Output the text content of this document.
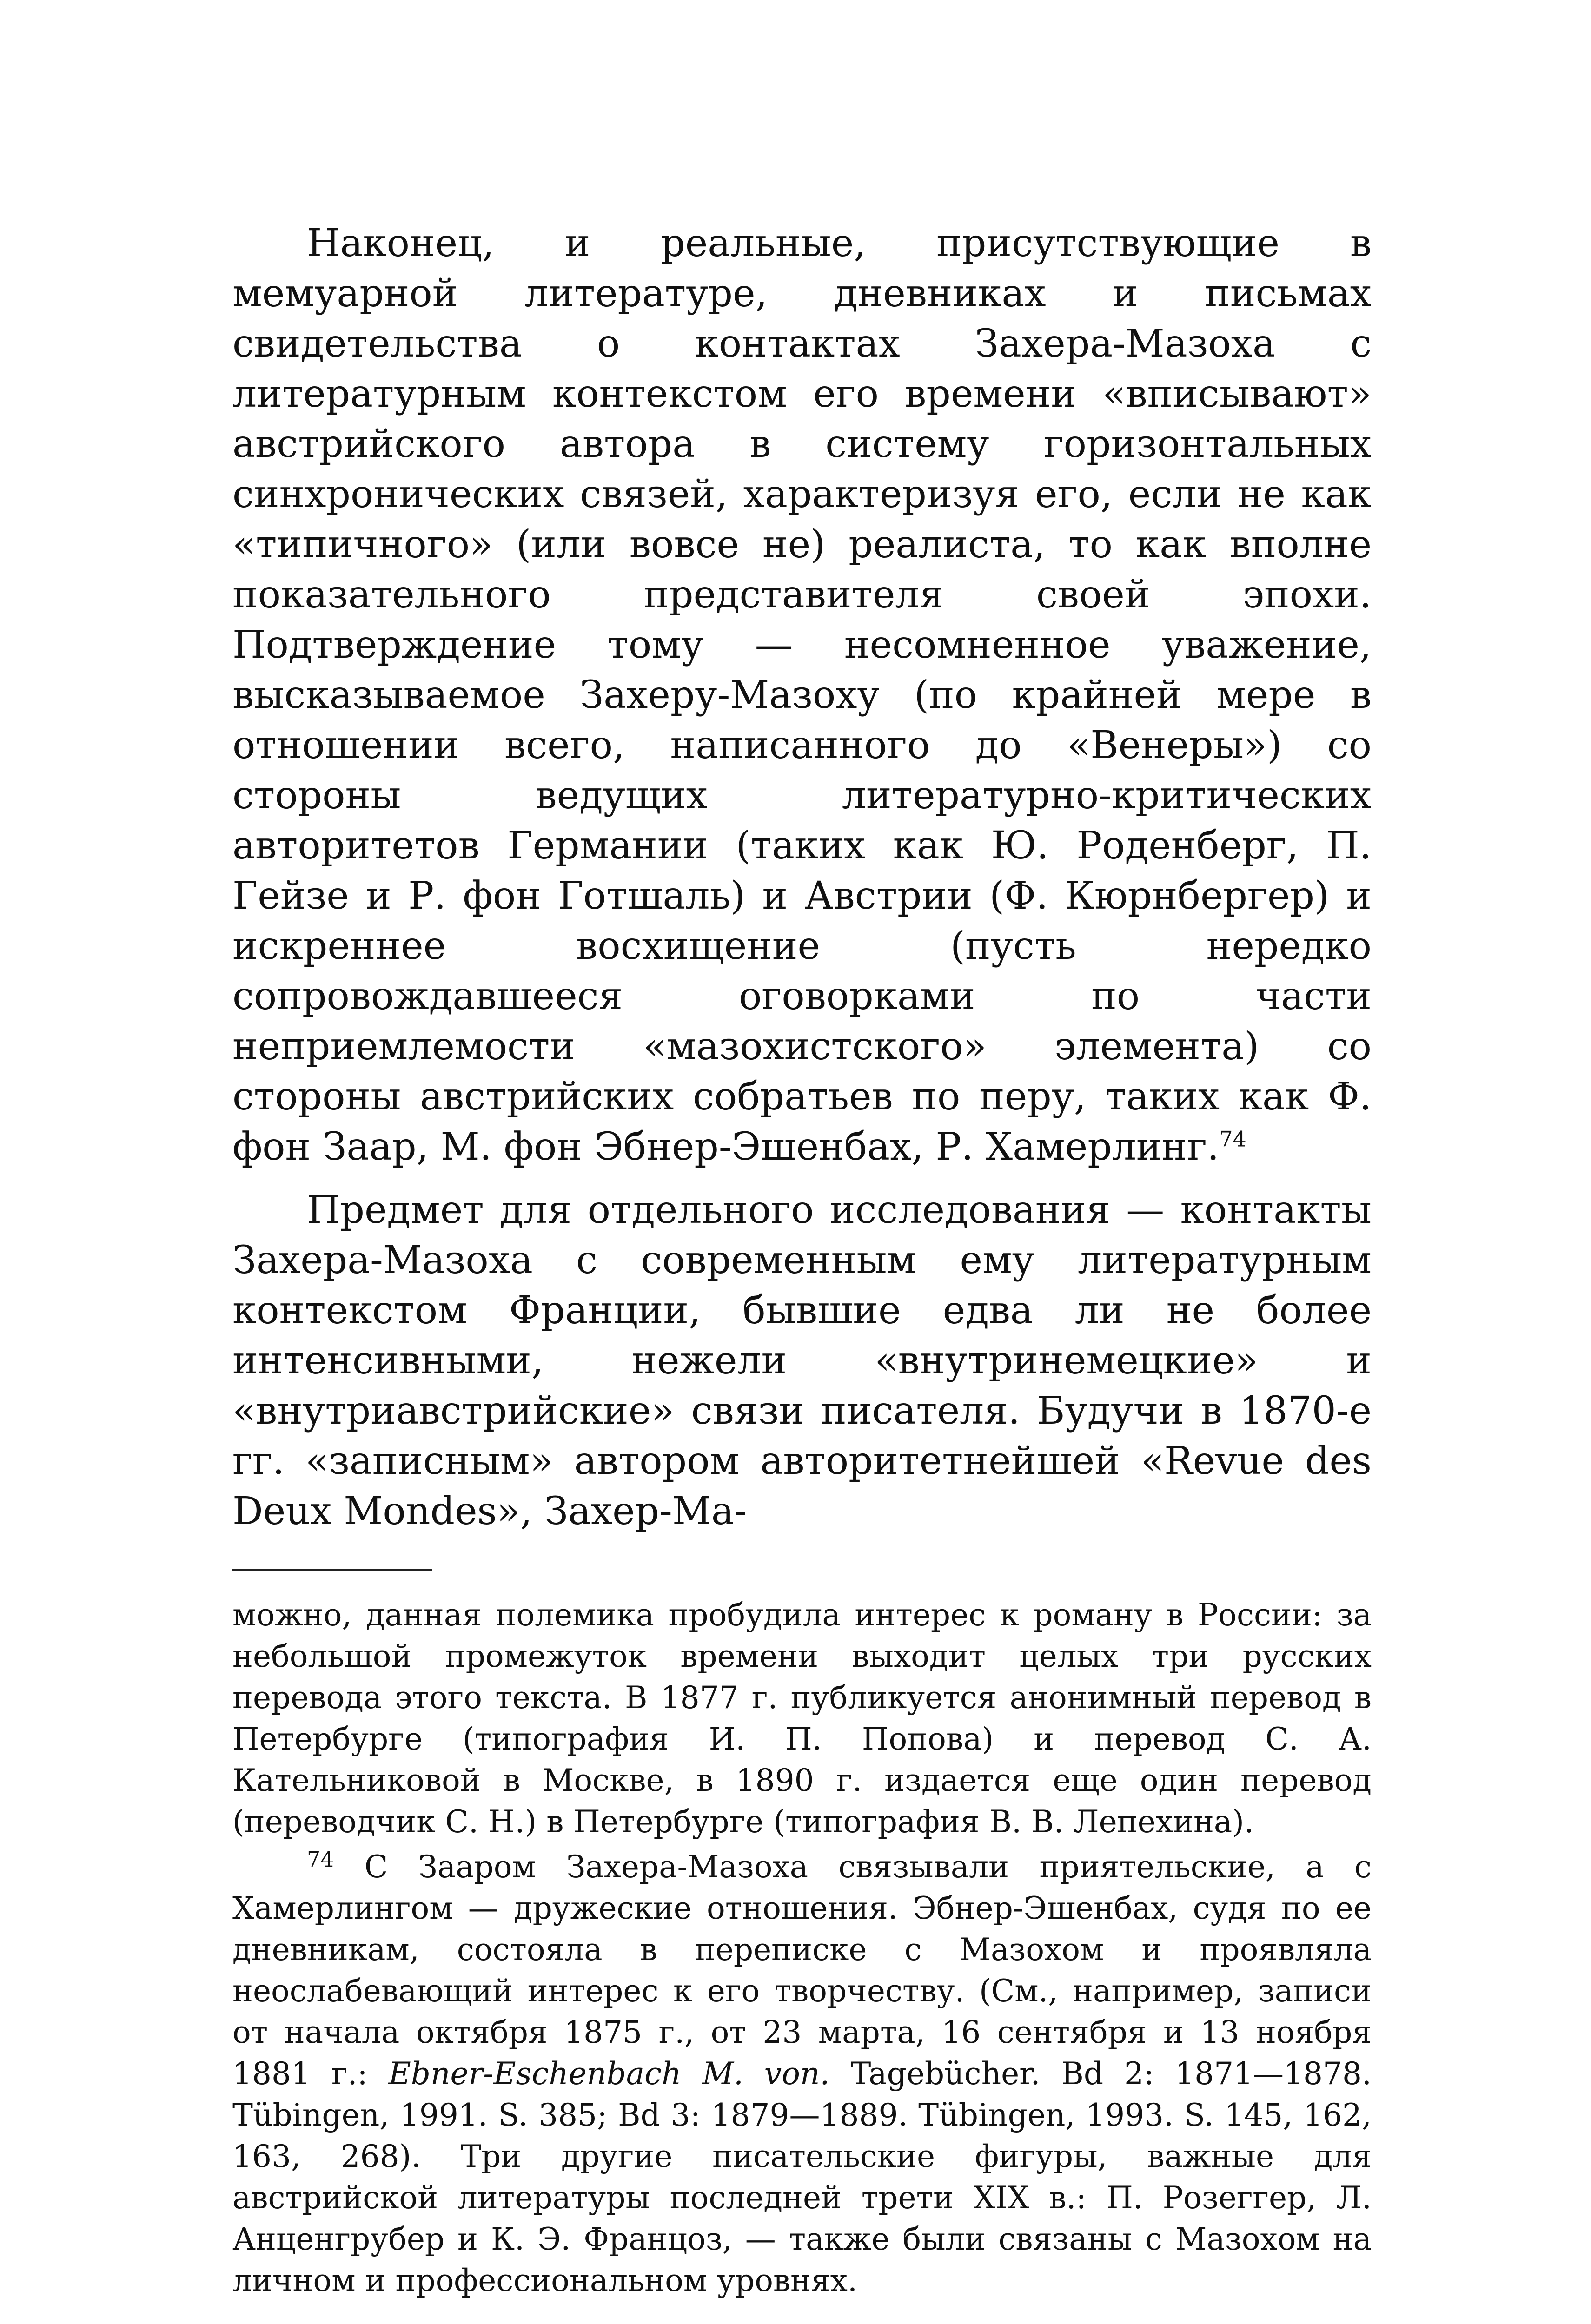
Наконец, и реальные, присутствующие в мемуарной литературе, дневниках и письмах свидетельства о контактах Захера-Мазоха с литературным контекстом его времени «вписывают» австрийского автора в систему горизонтальных синхронических связей, характеризуя его, если не как «типичного» (или вовсе не) реалиста, то как вполне показательного представителя своей эпохи. Подтверждение тому — несомненное уважение, высказываемое Захеру-Мазоху (по крайней мере в отношении всего, написанного до «Венеры») со стороны ведущих литературно-критических авторитетов Германии (таких как Ю. Роденберг, П. Гейзе и Р. фон Готшаль) и Австрии (Ф. Кюрнбергер) и искреннее восхищение (пусть нередко сопровождавшееся оговорками по части неприемлемости «мазохистского» элемента) со стороны австрийских собратьев по перу, таких как Ф. фон Заар, М. фон Эбнер-Эшенбах, Р. Хамерлинг.$^{74}$

Предмет для отдельного исследования — контакты Захера-Мазоха с современным ему литературным контекстом Франции, бывшие едва ли не более интенсивными, нежели «внутринемецкие» и «внутриавстрийские» связи писателя. Будучи в 1870-е гг. «записным» автором авторитетнейшей «Revue des Deux Mondes», Захер-Ма-

можно, данная полемика пробудила интерес к роману в России: за небольшой промежуток времени выходит целых три русских перевода этого текста. В 1877 г. публикуется анонимный перевод в Петербурге (типография И. П. Попова) и перевод С. А. Катeльниковой в Москве, в 1890 г. издается еще один перевод (переводчик С. Н.) в Петербурге (типография В. В. Лепехина).

$^{74}$ С Зааром Захера-Мазоха связывали приятельские, а с Хамерлингом — дружеские отношения. Эбнер-Эшенбах, судя по ее дневникам, состояла в переписке с Мазохом и проявляла неослабевающий интерес к его творчеству. (См., например, записи от начала октября 1875 г., от 23 марта, 16 сентября и 13 ноября 1881 г.: Ebner-Eschenbach M. von. Tagebücher. Bd 2: 1871—1878. Tübingen, 1991. S. 385; Bd 3: 1879—1889. Tübingen, 1993. S. 145, 162, 163, 268). Три другие писательские фигуры, важные для австрийской литературы последней трети XIX в.: П. Розеггер, Л. Анценгрубер и К. Э. Францоз, — также были связаны с Мазохом на личном и профессиональном уровнях.
